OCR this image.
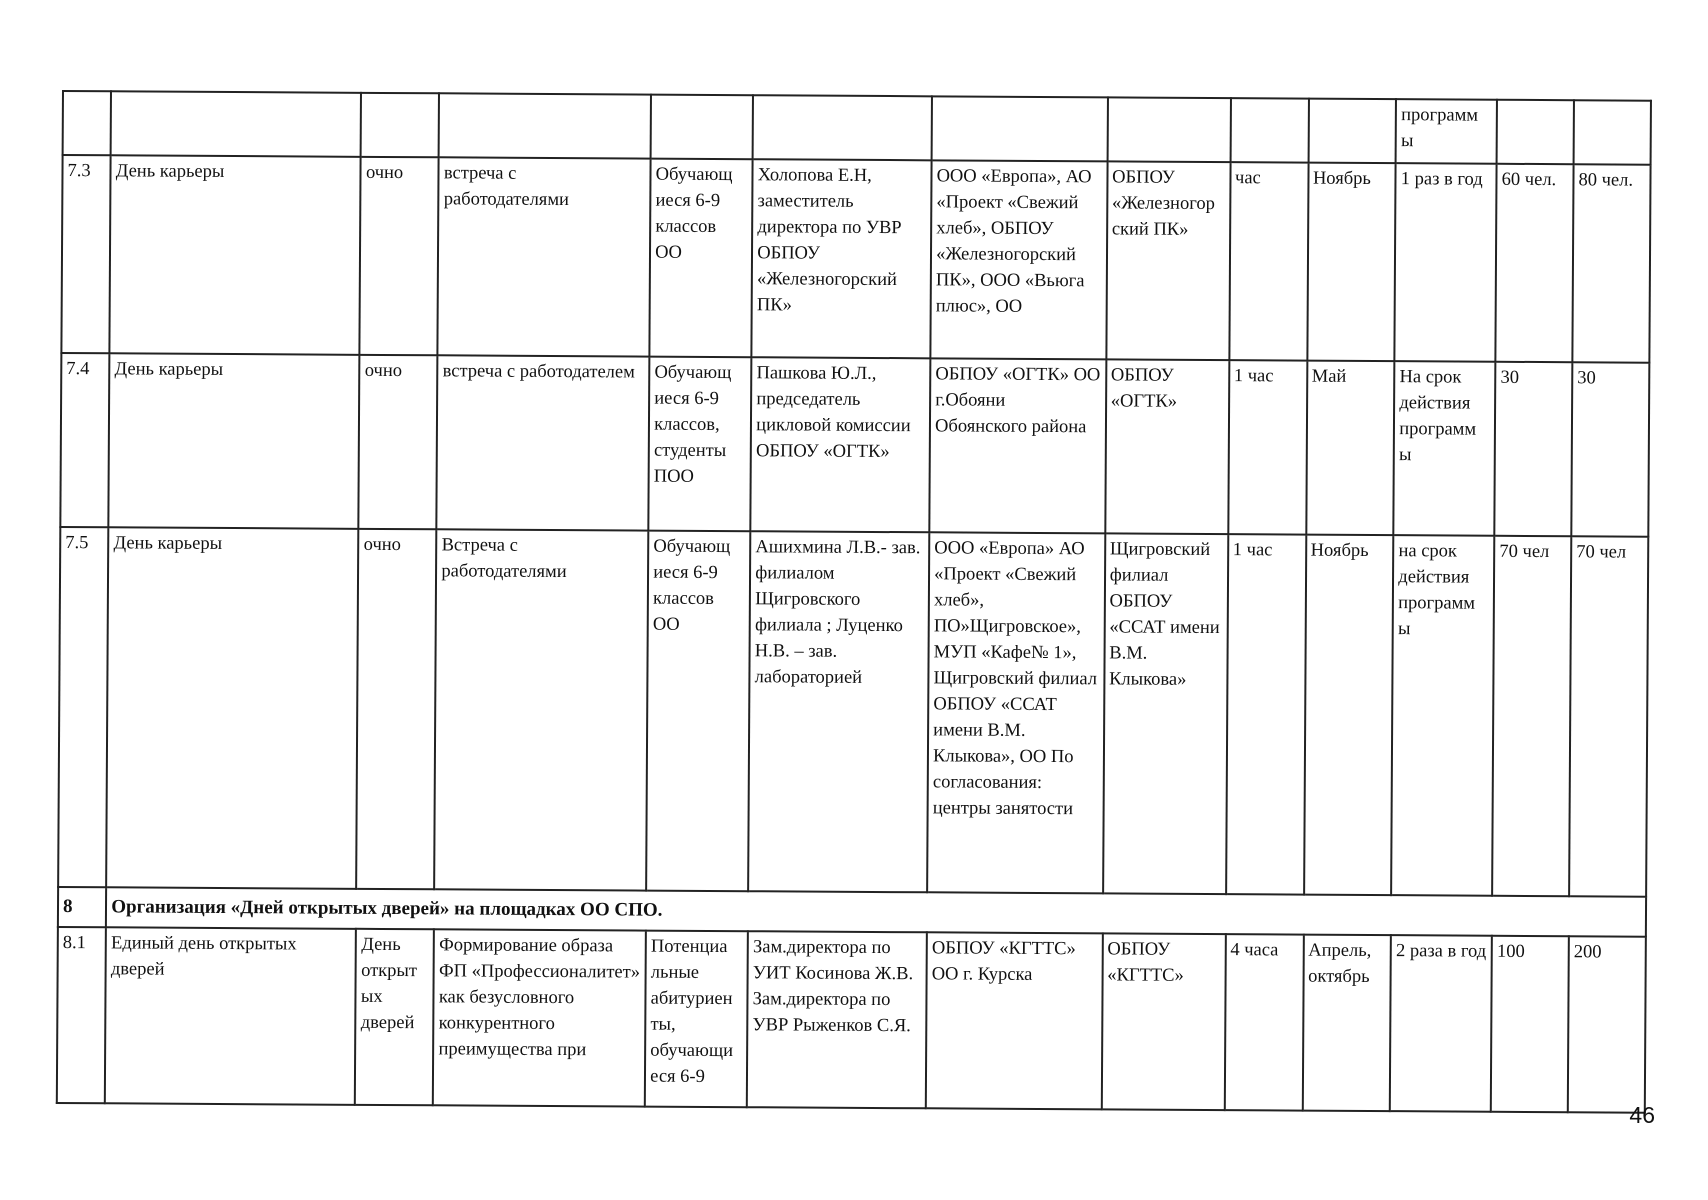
										программ ы		
7.3	День карьеры	очно	встреча с работодателями	Обучающ иеся 6-9 классов ОО	Холопова Е.Н, заместитель директора по УВР ОБПОУ «Железногорский ПК»	ООО «Европа», АО «Проект «Свежий хлеб», ОБПОУ «Железногорский ПК», ООО «Вьюга плюс», ОО	ОБПОУ «Железногор ский ПК»	час	Ноябрь	1 раз в год	60 чел.	80 чел.
7.4	День карьеры	очно	встреча с работодателем	Обучающ иеся 6-9 классов, студенты ПОО	Пашкова Ю.Л., председатель цикловой комиссии ОБПОУ «ОГТК»	ОБПОУ «ОГТК» ОО г.Обояни Обоянского района	ОБПОУ «ОГТК»	1 час	Май	На срок действия программ ы	30	30
7.5	День карьеры	очно	Встреча с работодателями	Обучающ иеся 6-9 классов ОО	Ашихмина Л.В.- зав. филиалом Щигровского филиала ; Луценко Н.В. – зав. лабораторией	ООО «Европа» АО «Проект «Свежий хлеб», ПО»Щигровское», МУП «Кафе№ 1», Щигровский филиал ОБПОУ «ССАТ имени В.М. Клыкова», ОО По согласования: центры занятости	Щигровский филиал ОБПОУ «ССАТ имени В.М. Клыкова»	1 час	Ноябрь	на срок действия программ ы	70 чел	70 чел
8	Организация «Дней открытых дверей» на площадках ОО СПО.											
8.1	Единый день открытых дверей	День открыт ых дверей	Формирование образа ФП «Профессионалитет» как безусловного конкурентного преимущества при	Потенциа льные абитуриен ты, обучающи еся 6-9	Зам.директора по УИТ Косинова Ж.В. Зам.директора по УВР Рыженков С.Я.	ОБПОУ «КГТТС» ОО г. Курска	ОБПОУ «КГТТС»	4 часа	Апрель, октябрь	2 раза в год	100	200
46
